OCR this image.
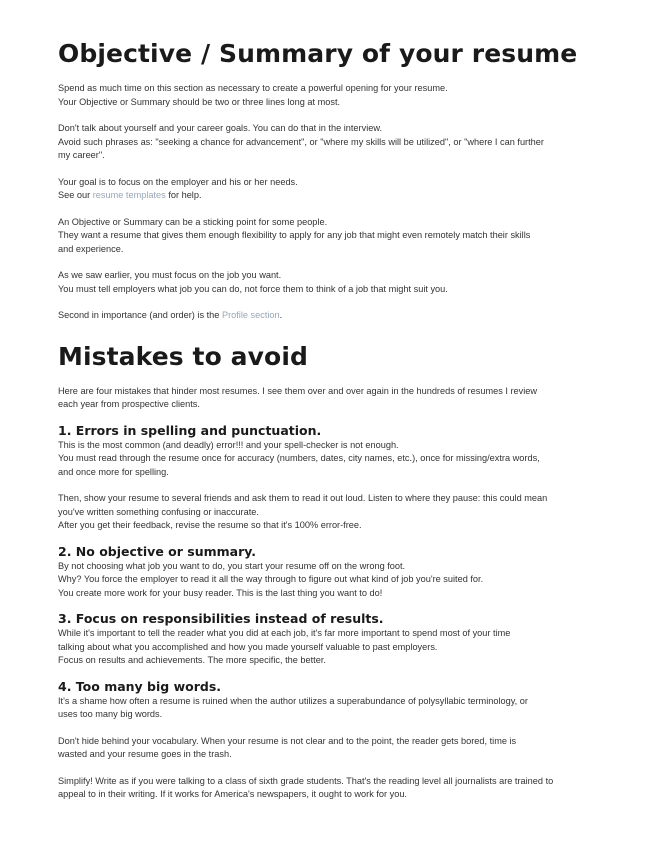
Objective / Summary of your resume

Spend as much time on this section as necessary to create a powerful opening for your resume.
Your Objective or Summary should be two or three lines long at most.

Don't talk about yourself and your career goals. You can do that in the interview.
Avoid such phrases as: "seeking a chance for advancement", or "where my skills will be utilized", or "where I can further
my career".

Your goal is to focus on the employer and his or her needs.
See our resume templates for help.

An Objective or Summary can be a sticking point for some people.
They want a resume that gives them enough flexibility to apply for any job that might even remotely match their skills
and experience.

As we saw earlier, you must focus on the job you want.
You must tell employers what job you can do, not force them to think of a job that might suit you.

Second in importance (and order) is the Profile section.

Mistakes to avoid

Here are four mistakes that hinder most resumes. I see them over and over again in the hundreds of resumes I review
each year from prospective clients.

1. Errors in spelling and punctuation.

This is the most common (and deadly) error!!! and your spell-checker is not enough.
You must read through the resume once for accuracy (numbers, dates, city names, etc.), once for missing/extra words,
and once more for spelling.

Then, show your resume to several friends and ask them to read it out loud. Listen to where they pause: this could mean
you've written something confusing or inaccurate.
After you get their feedback, revise the resume so that it's 100% error-free.

2. No objective or summary.

By not choosing what job you want to do, you start your resume off on the wrong foot.
Why? You force the employer to read it all the way through to figure out what kind of job you're suited for.
You create more work for your busy reader. This is the last thing you want to do!

3. Focus on responsibilities instead of results.

While it's important to tell the reader what you did at each job, it's far more important to spend most of your time
talking about what you accomplished and how you made yourself valuable to past employers.
Focus on results and achievements. The more specific, the better.

4. Too many big words.

It's a shame how often a resume is ruined when the author utilizes a superabundance of polysyllabic terminology, or
uses too many big words.

Don't hide behind your vocabulary. When your resume is not clear and to the point, the reader gets bored, time is
wasted and your resume goes in the trash.

Simplify! Write as if you were talking to a class of sixth grade students. That's the reading level all journalists are trained to
appeal to in their writing. If it works for America's newspapers, it ought to work for you.
